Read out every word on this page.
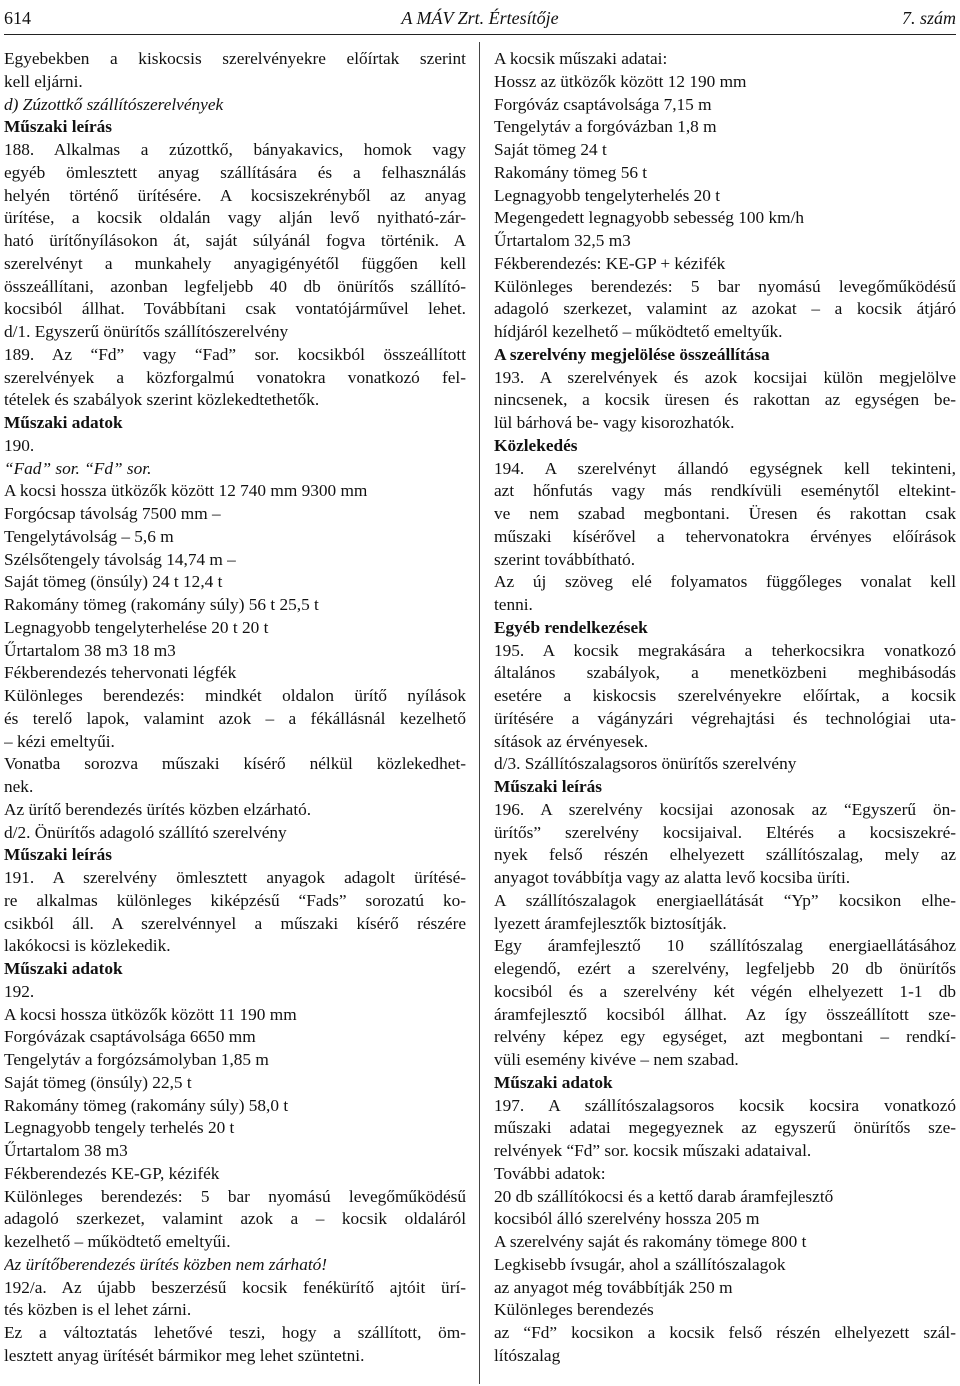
614	A MÁV Zrt. Értesítője	7. szám
Egyebekben a kiskocsis szerelvényekre előírtak szerint
kell eljárni.
d) Zúzottkő szállítószerelvények
Műszaki leírás
188. Alkalmas a zúzottkő, bányakavics, homok vagy
egyéb ömlesztett anyag szállítására és a felhasználás
helyén történő ürítésére. A kocsiszekrényből az anyag
ürítése, a kocsik oldalán vagy alján levő nyitható-zár-
ható ürítőnyílásokon át, saját súlyánál fogva történik. A
szerelvényt a munkahely anyagigényétől függően kell
összeállítani, azonban legfeljebb 40 db önürítős szállító-
kocsiból állhat. Továbbítani csak vontatójárművel lehet.
d/1. Egyszerű önürítős szállítószerelvény
189. Az “Fd” vagy “Fad” sor. kocsikból összeállított
szerelvények a közforgalmú vonatokra vonatkozó fel-
tételek és szabályok szerint közlekedtethetők.
Műszaki adatok
190.
“Fad” sor. “Fd” sor.
A kocsi hossza ütközők között 12 740 mm 9300 mm
Forgócsap távolság 7500 mm –
Tengelytávolság – 5,6 m
Szélsőtengely távolság 14,74 m –
Saját tömeg (önsúly) 24 t 12,4 t
Rakomány tömeg (rakomány súly) 56 t 25,5 t
Legnagyobb tengelyterhelése 20 t 20 t
Űrtartalom 38 m3 18 m3
Fékberendezés tehervonati légfék
Különleges berendezés: mindkét oldalon ürítő nyílások
és terelő lapok, valamint azok – a fékállásnál kezelhető
– kézi emeltyűi.
Vonatba sorozva műszaki kísérő nélkül közlekedhet-
nek.
Az ürítő berendezés ürítés közben elzárható.
d/2. Önürítős adagoló szállító szerelvény
Műszaki leírás
191. A szerelvény ömlesztett anyagok adagolt ürítésé-
re alkalmas különleges kiképzésű “Fads” sorozatú ko-
csikból áll. A szerelvénnyel a műszaki kísérő részére
lakókocsi is közlekedik.
Műszaki adatok
192.
A kocsi hossza ütközők között 11 190 mm
Forgóvázak csaptávolsága 6650 mm
Tengelytáv a forgózsámolyban 1,85 m
Saját tömeg (önsúly) 22,5 t
Rakomány tömeg (rakomány súly) 58,0 t
Legnagyobb tengely terhelés 20 t
Űrtartalom 38 m3
Fékberendezés KE-GP, kézifék
Különleges berendezés: 5 bar nyomású levegőműködésű
adagoló szerkezet, valamint azok a – kocsik oldaláról
kezelhető – működtető emeltyűi.
Az ürítőberendezés ürítés közben nem zárható!
192/a. Az újabb beszerzésű kocsik fenékürítő ajtóit ürí-
tés közben is el lehet zárni.
Ez a változtatás lehetővé teszi, hogy a szállított, öm-
lesztett anyag ürítését bármikor meg lehet szüntetni.
A kocsik műszaki adatai:
Hossz az ütközők között 12 190 mm
Forgóváz csaptávolsága 7,15 m
Tengelytáv a forgóvázban 1,8 m
Saját tömeg 24 t
Rakomány tömeg 56 t
Legnagyobb tengelyterhelés 20 t
Megengedett legnagyobb sebesség 100 km/h
Űrtartalom 32,5 m3
Fékberendezés: KE-GP + kézifék
Különleges berendezés: 5 bar nyomású levegőműködésű
adagoló szerkezet, valamint az azokat – a kocsik átjáró
hídjáról kezelhető – működtető emeltyűk.
A szerelvény megjelölése összeállítása
193. A szerelvények és azok kocsijai külön megjelölve
nincsenek, a kocsik üresen és rakottan az egységen be-
lül bárhová be- vagy kisorozhatók.
Közlekedés
194. A szerelvényt állandó egységnek kell tekinteni,
azt hőnfutás vagy más rendkívüli eseménytől eltekint-
ve nem szabad megbontani. Üresen és rakottan csak
műszaki kísérővel a tehervonatokra érvényes előírások
szerint továbbítható.
Az új szöveg elé folyamatos függőleges vonalat kell
tenni.
Egyéb rendelkezések
195. A kocsik megrakására a teherkocsikra vonatkozó
általános szabályok, a menetközbeni meghibásodás
esetére a kiskocsis szerelvényekre előírtak, a kocsik
ürítésére a vágányzári végrehajtási és technológiai uta-
sítások az érvényesek.
d/3. Szállítószalagsoros önürítős szerelvény
Műszaki leírás
196. A szerelvény kocsijai azonosak az “Egyszerű ön-
ürítős” szerelvény kocsijaival. Eltérés a kocsiszekré-
nyek felső részén elhelyezett szállítószalag, mely az
anyagot továbbítja vagy az alatta levő kocsiba üríti.
A szállítószalagok energiaellátását “Yp” kocsikon elhe-
lyezett áramfejlesztők biztosítják.
Egy áramfejlesztő 10 szállítószalag energiaellátásához
elegendő, ezért a szerelvény, legfeljebb 20 db önürítős
kocsiból és a szerelvény két végén elhelyezett 1-1 db
áramfejlesztő kocsiból állhat. Az így összeállított sze-
relvény képez egy egységet, azt megbontani – rendkí-
vüli esemény kivéve – nem szabad.
Műszaki adatok
197. A szállítószalagsoros kocsik kocsira vonatkozó
műszaki adatai megegyeznek az egyszerű önürítős sze-
relvények “Fd” sor. kocsik műszaki adataival.
További adatok:
20 db szállítókocsi és a kettő darab áramfejlesztő
kocsiból álló szerelvény hossza 205 m
A szerelvény saját és rakomány tömege 800 t
Legkisebb ívsugár, ahol a szállítószalagok
az anyagot még továbbítják 250 m
Különleges berendezés
az “Fd” kocsikon a kocsik felső részén elhelyezett szál-
lítószalag
